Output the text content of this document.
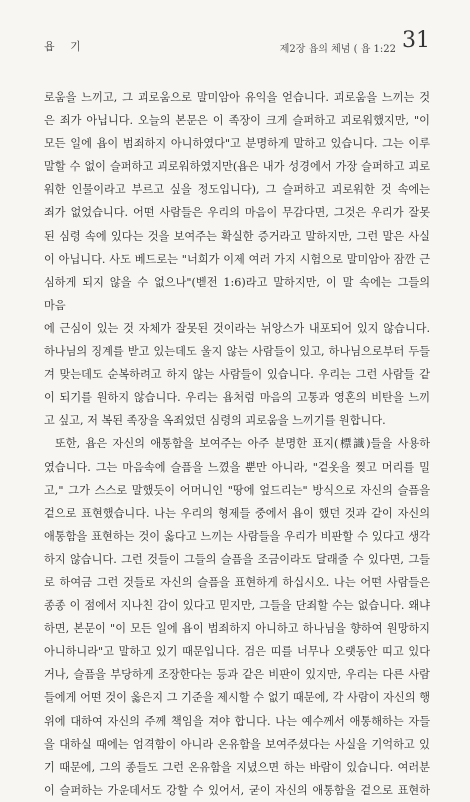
욥 기	제2장 욥의 체념 ( 욥 1:22 31

로움을 느끼고, 그 괴로움으로 말미암아 유익을 얻습니다. 괴로움을 느끼는 것

은 죄가 아닙니다. 오늘의 본문은 이 족장이 크게 슬퍼하고 괴로워했지만, "이

모든 일에 욥이 범죄하지 아니하였다"고 분명하게 말하고 있습니다. 그는 이루

말할 수 없이 슬퍼하고 괴로워하였지만(욥은 내가 성경에서 가장 슬퍼하고 괴로

워한 인물이라고 부르고 싶을 정도입니다), 그 슬퍼하고 괴로워한 것 속에는

죄가 없었습니다. 어떤 사람들은 우리의 마음이 무감다면, 그것은 우리가 잘못

된 심령 속에 있다는 것을 보여주는 확실한 증거라고 말하지만, 그런 말은 사실

이 아닙니다. 사도 베드로는 "너희가 이제 여러 가지 시험으로 말미암아 잠깐 근

심하게 되지 않을 수 없으나"(벧전 1:6)라고 말하지만, 이 말 속에는 그들의 마음

에 근심이 있는 것 자체가 잘못된 것이라는 뉘앙스가 내포되어 있지 않습니다.

하나님의 징계를 받고 있는데도 울지 않는 사람들이 있고, 하나님으로부터 두들

겨 맞는데도 순복하려고 하지 않는 사람들이 있습니다. 우리는 그런 사람들 같

이 되기를 원하지 않습니다. 우리는 욥처럼 마음의 고통과 영혼의 비탄을 느끼

고 싶고, 저 복된 족장을 옥죄었던 심령의 괴로움을 느끼기를 원합니다.

또한, 욥은 자신의 애통함을 보여주는 아주 분명한 표지(標識)들을 사용하

였습니다. 그는 마음속에 슬픔을 느꼈을 뿐만 아니라, "겉옷을 찢고 머리를 밀

고," 그가 스스로 말했듯이 어머니인 "땅에 엎드리는" 방식으로 자신의 슬픔을

겉으로 표현했습니다. 나는 우리의 형제들 중에서 욥이 했던 것과 같이 자신의

애통함을 표현하는 것이 옳다고 느끼는 사람들을 우리가 비판할 수 있다고 생각

하지 않습니다. 그런 것들이 그들의 슬픔을 조금이라도 달래줄 수 있다면, 그들

로 하여금 그런 것들로 자신의 슬픔을 표현하게 하십시오. 나는 어떤 사람들은

종종 이 점에서 지나친 감이 있다고 믿지만, 그들을 단죄할 수는 없습니다. 왜냐

하면, 본문이 "이 모든 일에 욥이 범죄하지 아니하고 하나님을 향하여 원망하지

아니하니라"고 말하고 있기 때문입니다. 검은 띠를 너무나 오랫동안 띠고 있다

거나, 슬픔을 부당하게 조장한다는 등과 같은 비판이 있지만, 우리는 다른 사람

들에게 어떤 것이 옳은지 그 기준을 제시할 수 없기 때문에, 각 사람이 자신의 행

위에 대하여 자신의 주께 책임을 져야 합니다. 나는 예수께서 애통해하는 자들

을 대하실 때에는 엄격함이 아니라 온유함을 보여주셨다는 사실을 기억하고 있

기 때문에, 그의 종들도 그런 온유함을 지녔으면 하는 바람이 있습니다. 여러분

이 슬퍼하는 가운데서도 강할 수 있어서, 굳이 자신의 애통함을 겉으로 표현하
